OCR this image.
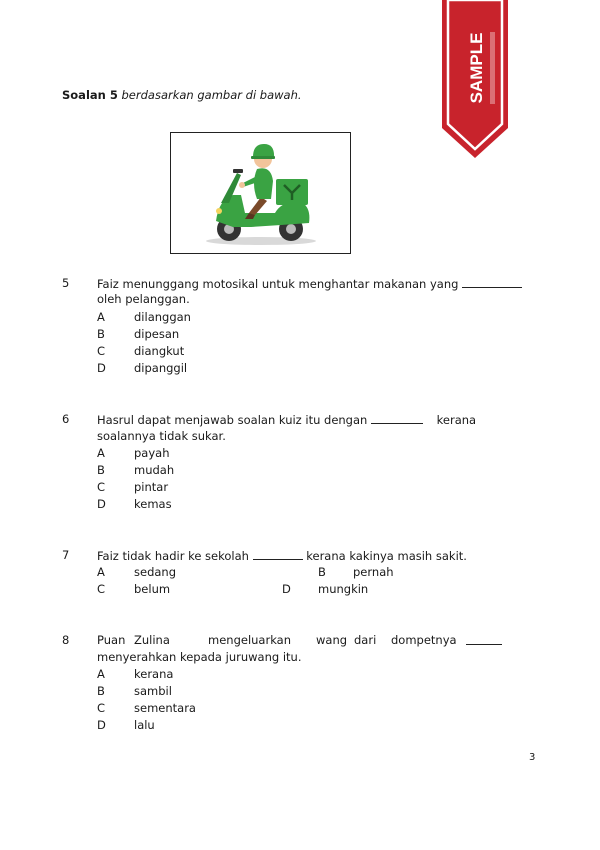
SAMPLE
Soalan 5 berdasarkan gambar di bawah.
5 Faiz menunggang motosikal untuk menghantar makanan yang
oleh pelanggan.
A	dilanggan
B	dipesan
C	diangkut
D dipanggil
6 Hasrul dapat menjawab soalan kuiz itu dengan	kerana
soalannya tidak sukar.
A	payah
B	mudah
C	pintar
D kemas
7 Faiz tidak hadir ke sekolah	kerana kakinya masih sakit.
A	sedang	B pernah
C	belum	D mungkin
8 Puan Zulina	mengeluarkan wang dari dompetnya
menyerahkan kepada juruwang itu.
A	kerana
B	sambil
C	sementara
D lalu
3
